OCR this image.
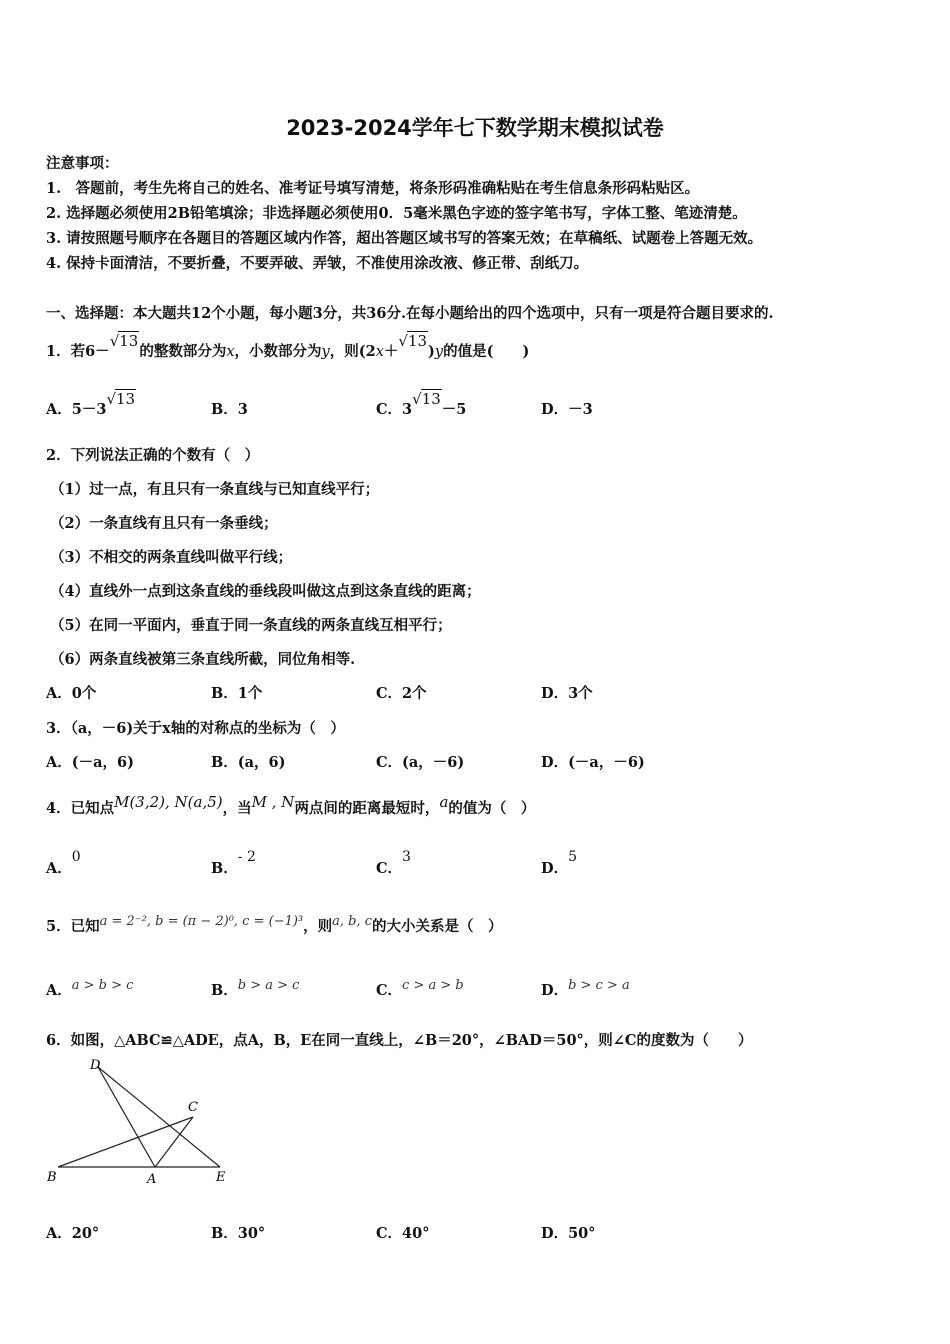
2023-2024学年七下数学期末模拟试卷
注意事项：
1.　答题前，考生先将自己的姓名、准考证号填写清楚，将条形码准确粘贴在考生信息条形码粘贴区。
2. 选择题必须使用2B铅笔填涂；非选择题必须使用0．5毫米黑色字迹的签字笔书写，字体工整、笔迹清楚。
3. 请按照题号顺序在各题目的答题区域内作答，超出答题区域书写的答案无效；在草稿纸、试题卷上答题无效。
4. 保持卡面清洁，不要折叠，不要弄破、弄皱，不准使用涂改液、修正带、刮纸刀。
一、选择题：本大题共12个小题，每小题3分，共36分.在每小题给出的四个选项中，只有一项是符合题目要求的.
1．若6－√13的整数部分为x，小数部分为y，则(2x＋√13)y的值是(　　)
A．5－3√13
B．3	C．3√13－5	D．－3
2．下列说法正确的个数有（　）
（1）过一点，有且只有一条直线与已知直线平行；
（2）一条直线有且只有一条垂线；
（3）不相交的两条直线叫做平行线；
（4）直线外一点到这条直线的垂线段叫做这点到这条直线的距离；
（5）在同一平面内，垂直于同一条直线的两条直线互相平行；
（6）两条直线被第三条直线所截，同位角相等.
A．0个	B．1个	C．2个	D．3个
3．（a，－6)关于x轴的对称点的坐标为（　）
A．(－a，6)	B．(a，6)	C．(a，－6)	D．(－a，－6)
4．已知点M(3,2), N(a,5)，当M , N两点间的距离最短时，a的值为（　）
A．0
B．- 2
C．3
D．5
5．已知a = 2⁻², b = (π − 2)⁰, c = (−1)³，则a, b, c的大小关系是（　）
A．a > b > c	B．b > a > c	C．c > a > b	D．b > c > a
6．如图，△ABC≌△ADE，点A，B，E在同一直线上，∠B＝20°，∠BAD＝50°，则∠C的度数为（　　）
D
C
B	A	E
A．20°	B．30°	C．40°	D．50°
